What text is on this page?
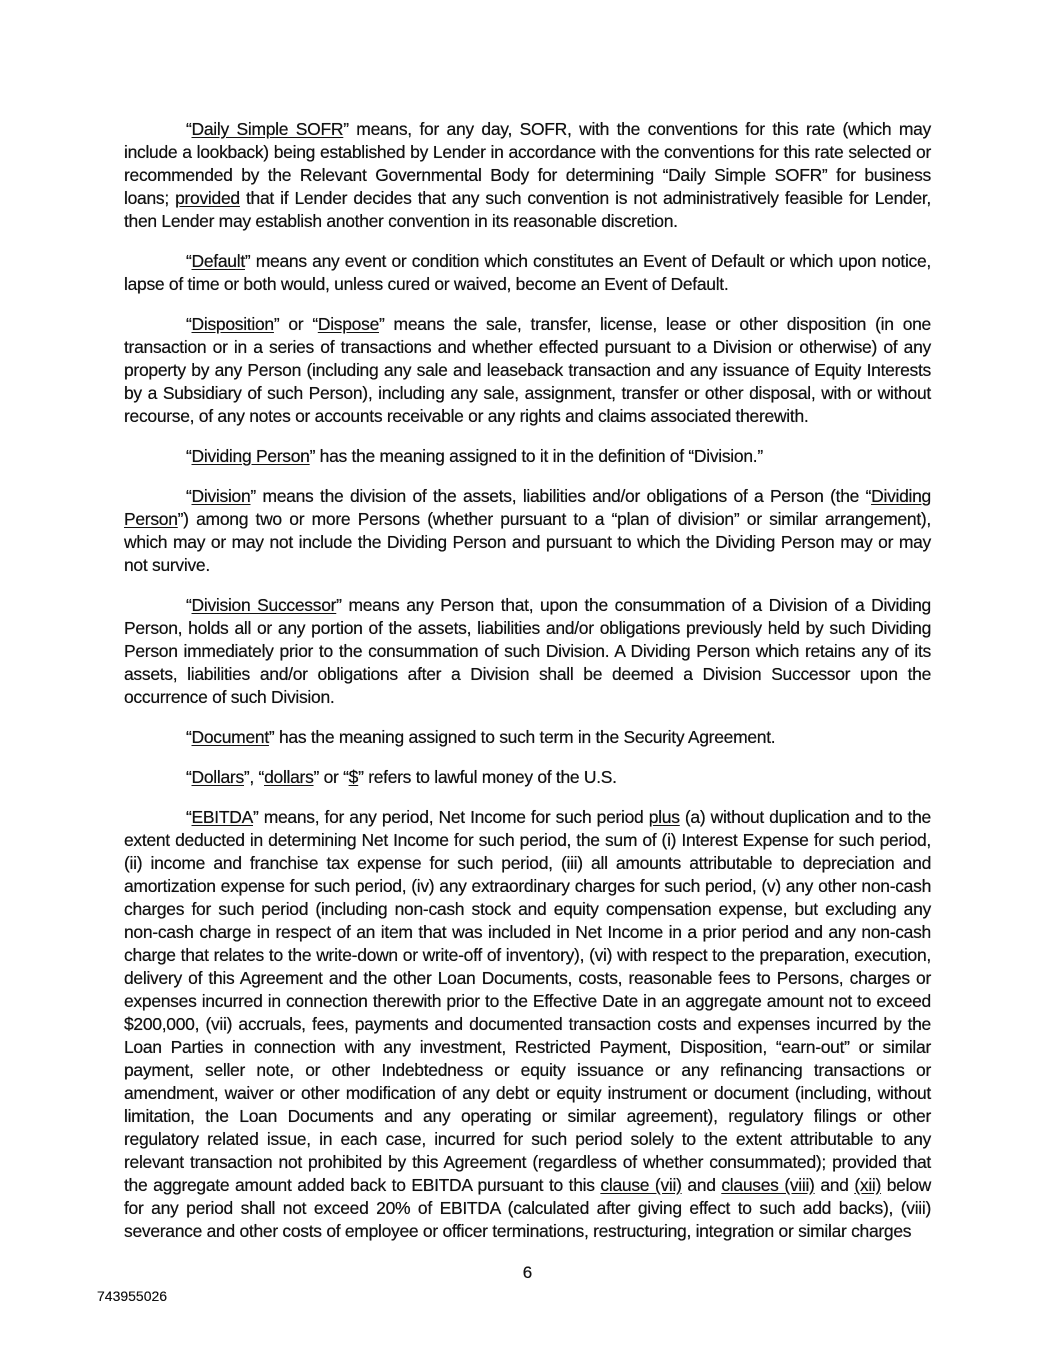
“Daily Simple SOFR” means, for any day, SOFR, with the conventions for this rate (which may include a lookback) being established by Lender in accordance with the conventions for this rate selected or recommended by the Relevant Governmental Body for determining “Daily Simple SOFR” for business loans; provided that if Lender decides that any such convention is not administratively feasible for Lender, then Lender may establish another convention in its reasonable discretion.

“Default” means any event or condition which constitutes an Event of Default or which upon notice, lapse of time or both would, unless cured or waived, become an Event of Default.

“Disposition” or “Dispose” means the sale, transfer, license, lease or other disposition (in one transaction or in a series of transactions and whether effected pursuant to a Division or otherwise) of any property by any Person (including any sale and leaseback transaction and any issuance of Equity Interests by a Subsidiary of such Person), including any sale, assignment, transfer or other disposal, with or without recourse, of any notes or accounts receivable or any rights and claims associated therewith.

“Dividing Person” has the meaning assigned to it in the definition of “Division.”

“Division” means the division of the assets, liabilities and/or obligations of a Person (the “Dividing Person”) among two or more Persons (whether pursuant to a “plan of division” or similar arrangement), which may or may not include the Dividing Person and pursuant to which the Dividing Person may or may not survive.

“Division Successor” means any Person that, upon the consummation of a Division of a Dividing Person, holds all or any portion of the assets, liabilities and/or obligations previously held by such Dividing Person immediately prior to the consummation of such Division. A Dividing Person which retains any of its assets, liabilities and/or obligations after a Division shall be deemed a Division Successor upon the occurrence of such Division.

“Document” has the meaning assigned to such term in the Security Agreement.

“Dollars”, “dollars” or “$” refers to lawful money of the U.S.

“EBITDA” means, for any period, Net Income for such period plus (a) without duplication and to the extent deducted in determining Net Income for such period, the sum of (i) Interest Expense for such period, (ii) income and franchise tax expense for such period, (iii) all amounts attributable to depreciation and amortization expense for such period, (iv) any extraordinary charges for such period, (v) any other non-cash charges for such period (including non-cash stock and equity compensation expense, but excluding any non-cash charge in respect of an item that was included in Net Income in a prior period and any non-cash charge that relates to the write-down or write-off of inventory), (vi) with respect to the preparation, execution, delivery of this Agreement and the other Loan Documents, costs, reasonable fees to Persons, charges or expenses incurred in connection therewith prior to the Effective Date in an aggregate amount not to exceed $200,000, (vii) accruals, fees, payments and documented transaction costs and expenses incurred by the Loan Parties in connection with any investment, Restricted Payment, Disposition, “earn-out” or similar payment, seller note, or other Indebtedness or equity issuance or any refinancing transactions or amendment, waiver or other modification of any debt or equity instrument or document (including, without limitation, the Loan Documents and any operating or similar agreement), regulatory filings or other regulatory related issue, in each case, incurred for such period solely to the extent attributable to any relevant transaction not prohibited by this Agreement (regardless of whether consummated); provided that the aggregate amount added back to EBITDA pursuant to this clause (vii) and clauses (viii) and (xii) below for any period shall not exceed 20% of EBITDA (calculated after giving effect to such add backs), (viii) severance and other costs of employee or officer terminations, restructuring, integration or similar charges

6
743955026
